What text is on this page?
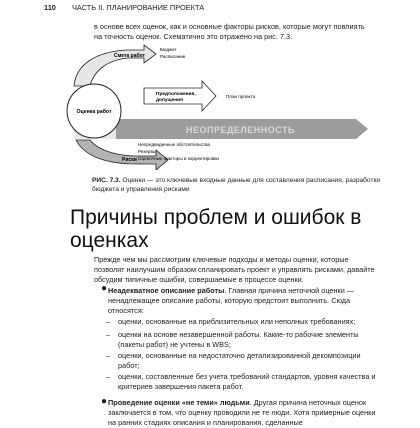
110 ЧАСТЬ II. ПЛАНИРОВАНИЕ ПРОЕКТА
в основе всех оценок, как и основные факторы рисков, которые могут повлиять на точность оценок. Схематично это отражено на рис. 7.3.
НЕОПРЕДЕЛЕННОСТЬ
Смета работ
Бюджет
Расписание
Предположения,
допущения
План проекта
Риски
Непредвиденные обстоятельства
Резервы
Оценочные факторы и корректировки
Оценка работ
РИС. 7.3. Оценки — это ключевые входные данные для составления расписания, разработки бюджета и управления рисками
Причины проблем и ошибок в оценках
Прежде чем мы рассмотрим ключевые подходы и методы оценки, которые позволят наилучшим образом спланировать проект и управлять рисками, давайте обсудим типичные ошибки, совершаемые в процессе оценки.
● Неадекватное описание работы. Главная причина неточной оценки — ненадлежащее описание работы, которую предстоит выполнить. Сюда относятся:
– оценки, основанные на приблизительных или неполных требованиях;
– оценки на основе незавершенной работы. Какие-то рабочие элементы (пакеты работ) не учтены в WBS;
– оценки, основанные на недостаточно детализированной декомпозиции работ;
– оценки, составленные без учета требований стандартов, уровня качества и критериев завершения пакета работ.
● Проведение оценки «не теми» людьми. Другая причина неточных оценок заключается в том, что оценку проводили не те люди. Хотя примерные оценки на ранних стадиях описания и планирования, сделанные
